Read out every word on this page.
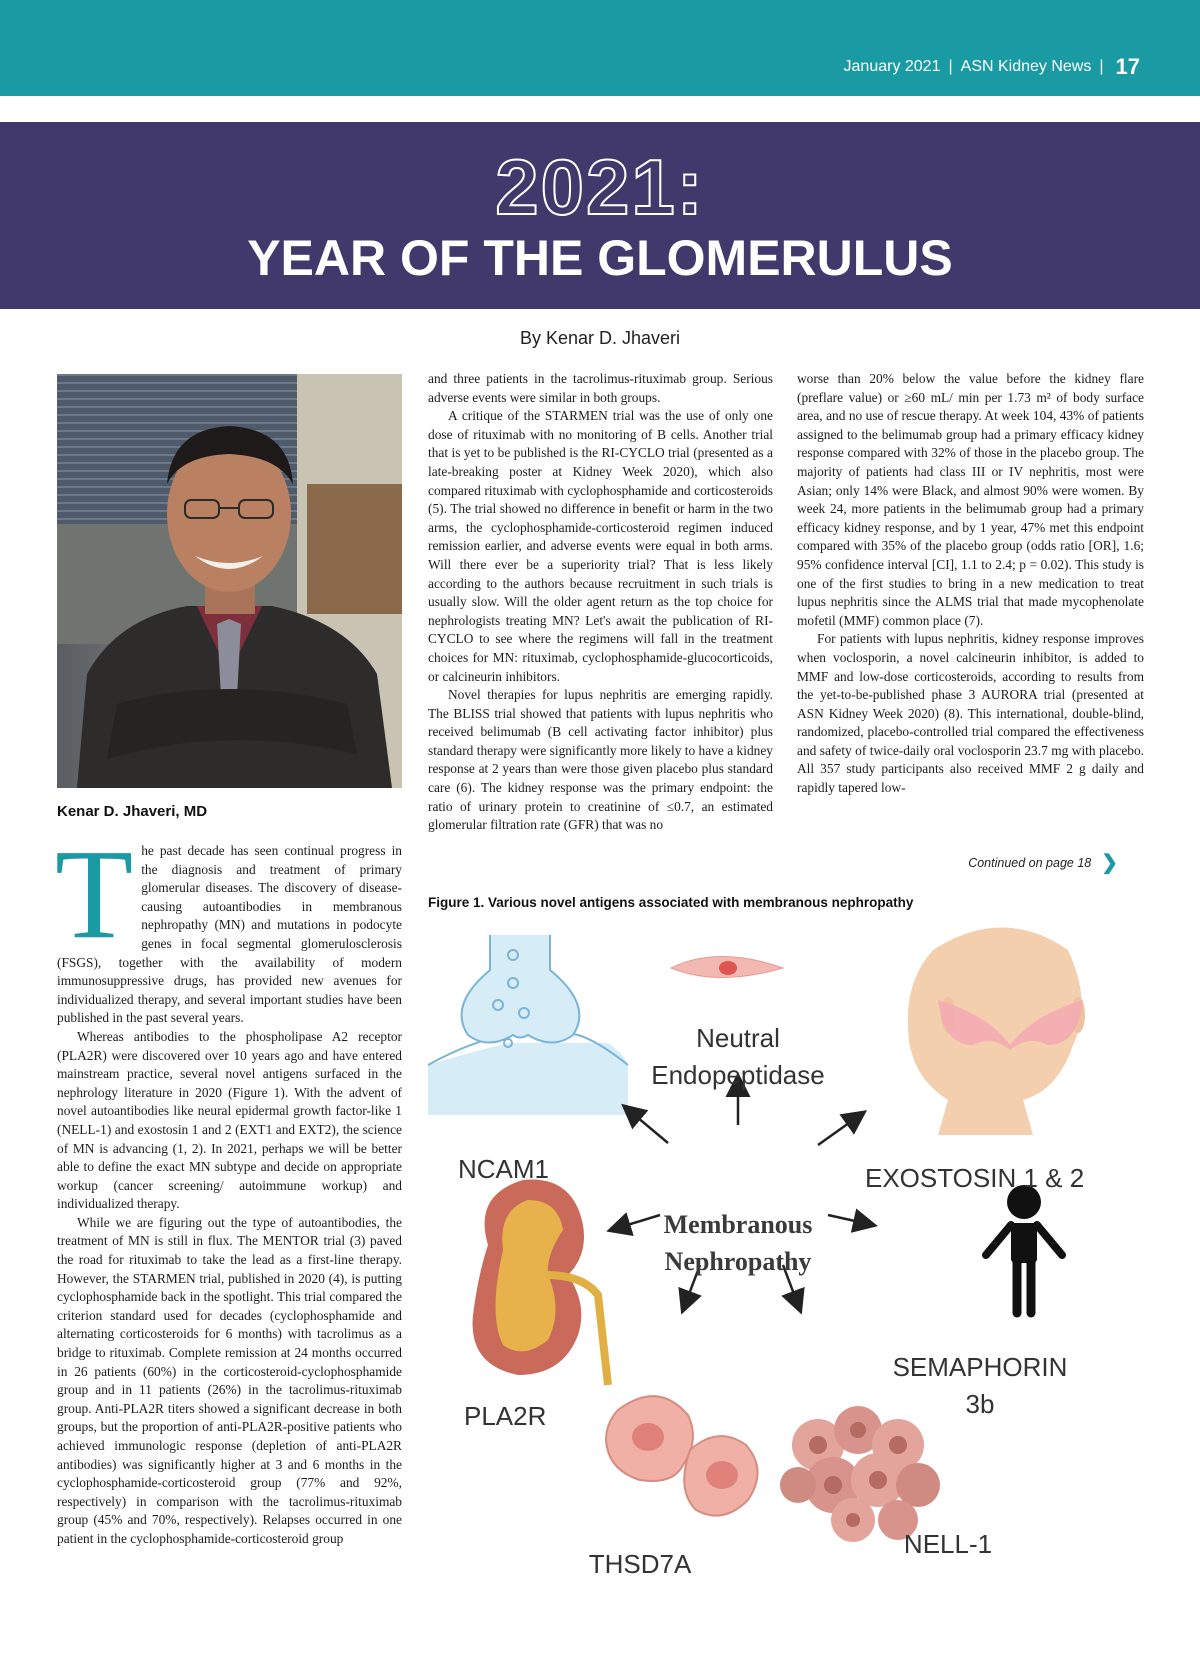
January 2021 | ASN Kidney News | 17
2021:
YEAR OF THE GLOMERULUS
By Kenar D. Jhaveri
Kenar D. Jhaveri, MD

The past decade has seen continual progress in the diagnosis and treatment of primary glomerular diseases. The discovery of disease-causing autoantibodies in membranous nephropathy (MN) and mutations in podocyte genes in focal segmental glomerulosclerosis (FSGS), together with the availability of modern immunosuppressive drugs, has provided new avenues for individualized therapy, and several important studies have been published in the past several years.

Whereas antibodies to the phospholipase A2 receptor (PLA2R) were discovered over 10 years ago and have entered mainstream practice, several novel antigens surfaced in the nephrology literature in 2020 (Figure 1). With the advent of novel autoantibodies like neural epidermal growth factor-like 1 (NELL-1) and exostosin 1 and 2 (EXT1 and EXT2), the science of MN is advancing (1, 2). In 2021, perhaps we will be better able to define the exact MN subtype and decide on appropriate workup (cancer screening/ autoimmune workup) and individualized therapy.

While we are figuring out the type of autoantibodies, the treatment of MN is still in flux. The MENTOR trial (3) paved the road for rituximab to take the lead as a first-line therapy. However, the STARMEN trial, published in 2020 (4), is putting cyclophosphamide back in the spotlight. This trial compared the criterion standard used for decades (cyclophosphamide and alternating corticosteroids for 6 months) with tacrolimus as a bridge to rituximab. Complete remission at 24 months occurred in 26 patients (60%) in the corticosteroid-cyclophosphamide group and in 11 patients (26%) in the tacrolimus-rituximab group. Anti-PLA2R titers showed a significant decrease in both groups, but the proportion of anti-PLA2R-positive patients who achieved immunologic response (depletion of anti-PLA2R antibodies) was significantly higher at 3 and 6 months in the cyclophosphamide-corticosteroid group (77% and 92%, respectively) in comparison with the tacrolimus-rituximab group (45% and 70%, respectively). Relapses occurred in one patient in the cyclophosphamide-corticosteroid group

and three patients in the tacrolimus-rituximab group. Serious adverse events were similar in both groups.

A critique of the STARMEN trial was the use of only one dose of rituximab with no monitoring of B cells. Another trial that is yet to be published is the RI-CYCLO trial (presented as a late-breaking poster at Kidney Week 2020), which also compared rituximab with cyclophosphamide and corticosteroids (5). The trial showed no difference in benefit or harm in the two arms, the cyclophosphamide-corticosteroid regimen induced remission earlier, and adverse events were equal in both arms. Will there ever be a superiority trial? That is less likely according to the authors because recruitment in such trials is usually slow. Will the older agent return as the top choice for nephrologists treating MN? Let's await the publication of RI-CYCLO to see where the regimens will fall in the treatment choices for MN: rituximab, cyclophosphamide-glucocorticoids, or calcineurin inhibitors.

Novel therapies for lupus nephritis are emerging rapidly. The BLISS trial showed that patients with lupus nephritis who received belimumab (B cell activating factor inhibitor) plus standard therapy were significantly more likely to have a kidney response at 2 years than were those given placebo plus standard care (6). The kidney response was the primary endpoint: the ratio of urinary protein to creatinine of ≤0.7, an estimated glomerular filtration rate (GFR) that was no

worse than 20% below the value before the kidney flare (preflare value) or ≥60 mL/ min per 1.73 m² of body surface area, and no use of rescue therapy. At week 104, 43% of patients assigned to the belimumab group had a primary efficacy kidney response compared with 32% of those in the placebo group. The majority of patients had class III or IV nephritis, most were Asian; only 14% were Black, and almost 90% were women. By week 24, more patients in the belimumab group had a primary efficacy kidney response, and by 1 year, 47% met this endpoint compared with 35% of the placebo group (odds ratio [OR], 1.6; 95% confidence interval [CI], 1.1 to 2.4; p = 0.02). This study is one of the first studies to bring in a new medication to treat lupus nephritis since the ALMS trial that made mycophenolate mofetil (MMF) common place (7).

For patients with lupus nephritis, kidney response improves when voclosporin, a novel calcineurin inhibitor, is added to MMF and low-dose corticosteroids, according to results from the yet-to-be-published phase 3 AURORA trial (presented at ASN Kidney Week 2020) (8). This international, double-blind, randomized, placebo-controlled trial compared the effectiveness and safety of twice-daily oral voclosporin 23.7 mg with placebo. All 357 study participants also received MMF 2 g daily and rapidly tapered low-

Continued on page 18 ❯
Figure 1. Various novel antigens associated with membranous nephropathy
Neutral
Endopeptidase
NCAM1	EXOSTOSIN 1 & 2
PLA2R
SEMAPHORIN
3b
THSD7A
NELL-1
Membranous
Nephropathy
